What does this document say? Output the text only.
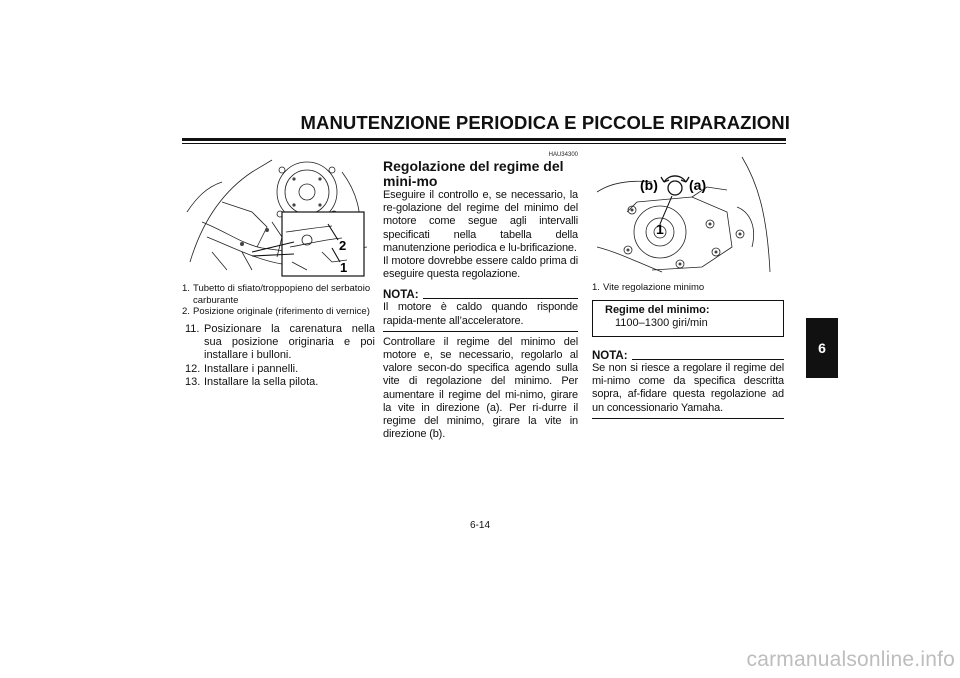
MANUTENZIONE PERIODICA E PICCOLE RIPARAZIONI
6
2
1
1. Tubetto di sfiato/troppopieno del serbatoio carburante
2. Posizione originale (riferimento di vernice)
11. Posizionare la carenatura nella sua posizione originaria e poi installare i bulloni.
12. Installare i pannelli.
13. Installare la sella pilota.
HAU34300
Regolazione del regime del mini-mo
Eseguire il controllo e, se necessario, la re-golazione del regime del minimo del motore come segue agli intervalli specificati nella tabella della manutenzione periodica e lu-brificazione.
Il motore dovrebbe essere caldo prima di eseguire questa regolazione.
NOTA:
Il motore è caldo quando risponde rapida-mente all’acceleratore.
Controllare il regime del minimo del motore e, se necessario, regolarlo al valore secon-do specifica agendo sulla vite di regolazione del minimo. Per aumentare il regime del mi-nimo, girare la vite in direzione (a). Per ri-durre il regime del minimo, girare la vite in direzione (b).
(b) (a)
1
1. Vite regolazione minimo
Regime del minimo:
1100–1300 giri/min
NOTA:
Se non si riesce a regolare il regime del mi-nimo come da specifica descritta sopra, af-fidare questa regolazione ad un concessionario Yamaha.
6-14
carmanualsonline.info
